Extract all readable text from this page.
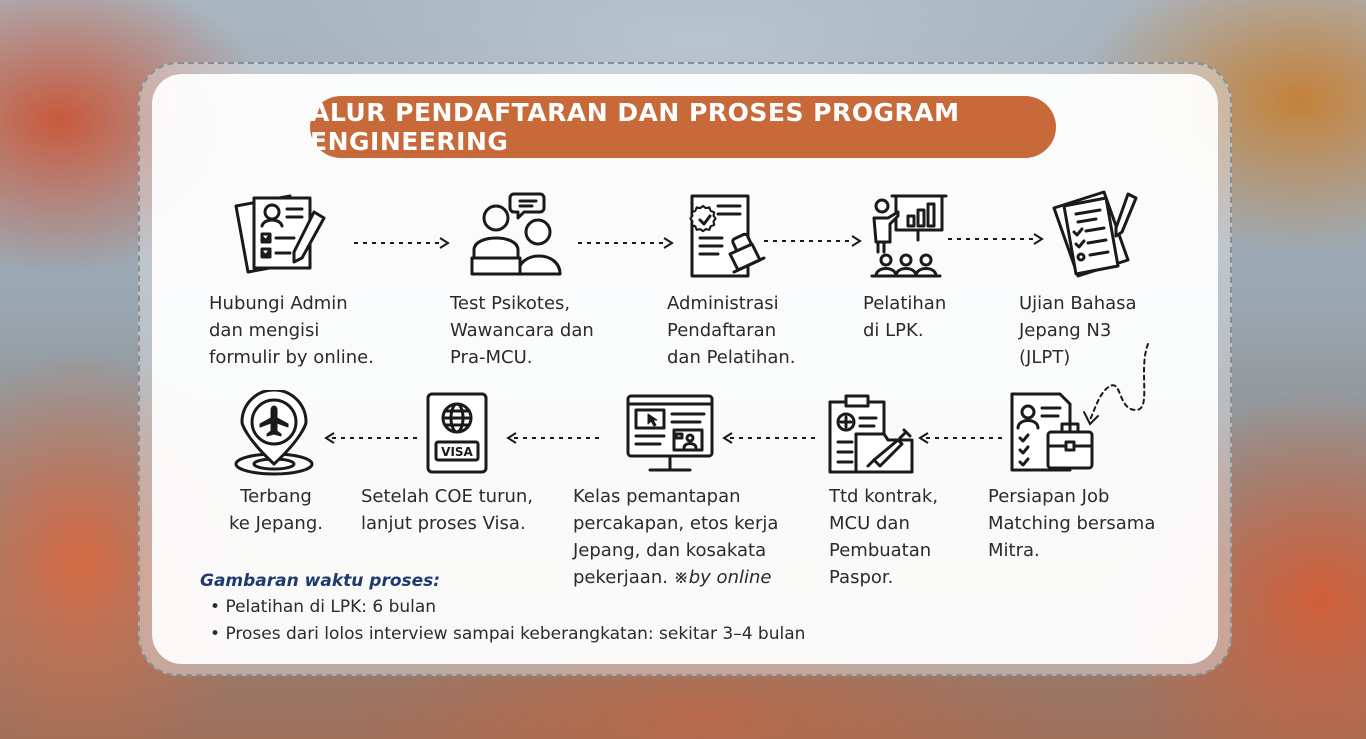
ALUR PENDAFTARAN DAN PROSES PROGRAM ENGINEERING
Hubungi Admin
dan mengisi
formulir by online.
Test Psikotes,
Wawancara dan
Pra-MCU.
Administrasi
Pendaftaran
dan Pelatihan.
Pelatihan
di LPK.
Ujian Bahasa
Jepang N3
(JLPT)
Persiapan Job
Matching bersama
Mitra.
Ttd kontrak,
MCU dan
Pembuatan
Paspor.
Kelas pemantapan
percakapan, etos kerja
Jepang, dan kosakata
pekerjaan. ※by online
VISA
Setelah COE turun,
lanjut proses Visa.
Terbang
ke Jepang.
Gambaran waktu proses:
• Pelatihan di LPK: 6 bulan
• Proses dari lolos interview sampai keberangkatan: sekitar 3–4 bulan
